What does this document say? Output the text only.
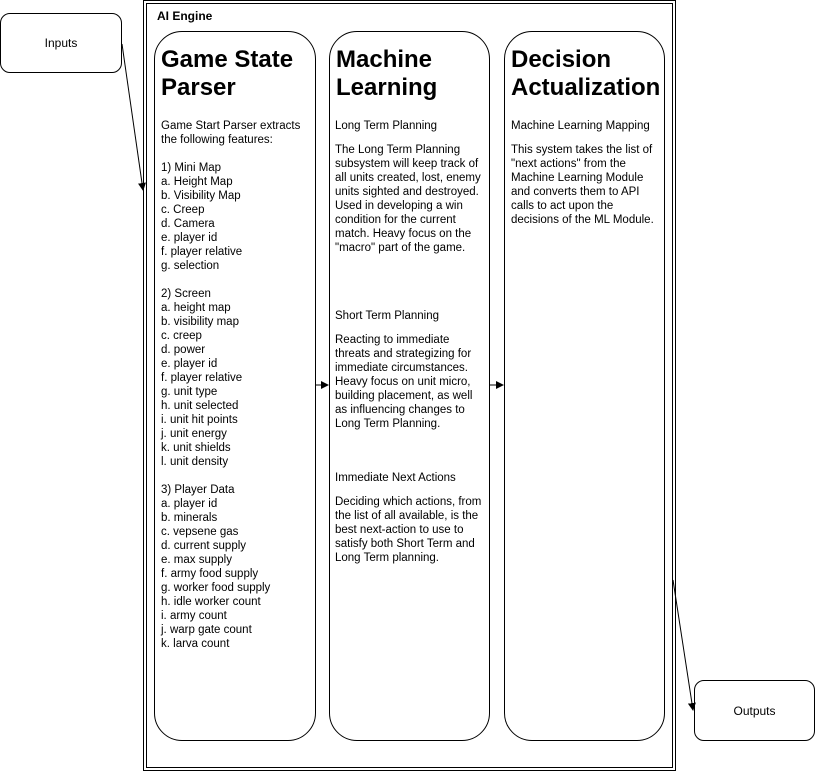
Inputs
AI Engine
Game State Parser
Game Start Parser extracts the following features:

1) Mini Map
a. Height Map
b. Visibility Map
c. Creep
d. Camera
e. player id
f. player relative
g. selection

2) Screen
a. height map
b. visibility map
c. creep
d. power
e. player id
f. player relative
g. unit type
h. unit selected
i. unit hit points
j. unit energy
k. unit shields
l. unit density

3) Player Data
a. player id
b. minerals
c. vepsene gas
d. current supply
e. max supply
f. army food supply
g. worker food supply
h. idle worker count
i. army count
j. warp gate count
k. larva count
Machine Learning
Long Term Planning
The Long Term Planning subsystem will keep track of all units created, lost, enemy units sighted and destroyed. Used in developing a win condition for the current match. Heavy focus on the "macro" part of the game.
Short Term Planning
Reacting to immediate threats and strategizing for immediate circumstances. Heavy focus on unit micro, building placement, as well as influencing changes to Long Term Planning.
Immediate Next Actions
Deciding which actions, from the list of all available, is the best next-action to use to satisfy both Short Term and Long Term planning.
Decision Actualization
Machine Learning Mapping
This system takes the list of "next actions" from the Machine Learning Module and converts them to API calls to act upon the decisions of the ML Module.
Outputs
